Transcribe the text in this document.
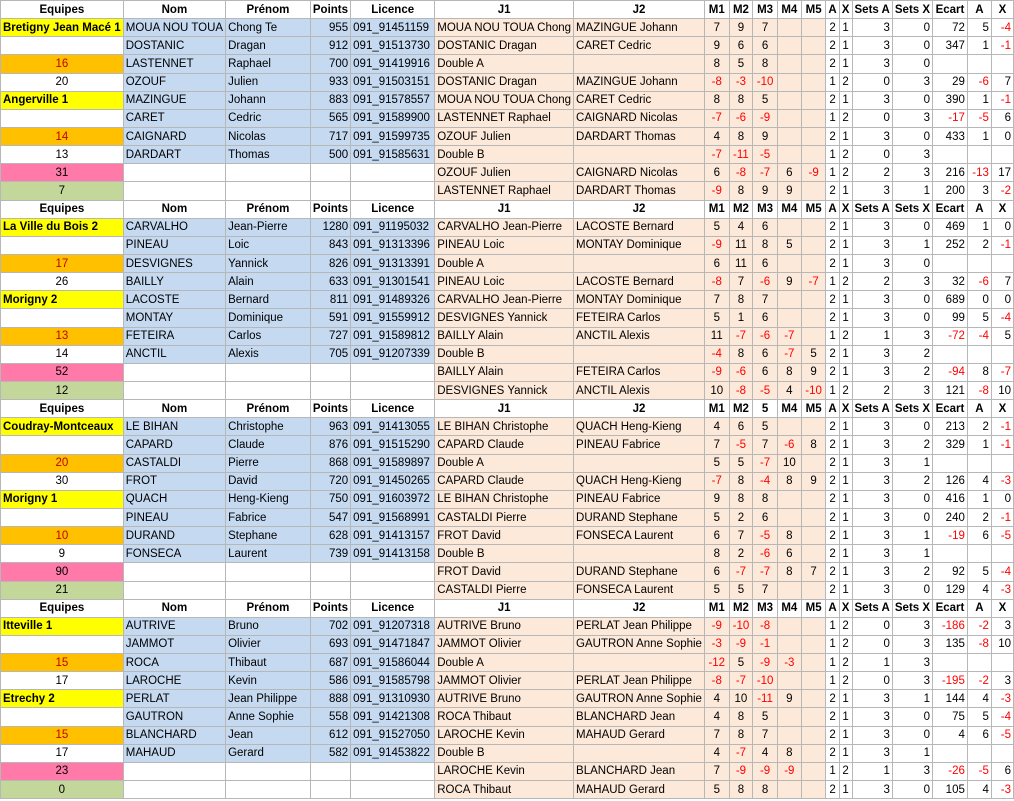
Equipes	Nom	Prénom	Points	Licence	J1	J2	M1	M2	M3	M4	M5	A	X	Sets A	Sets X	Ecart	A	X
Bretigny Jean Macé 1	MOUA NOU TOUA	Chong Te	955	091_91451159	MOUA NOU TOUA Chong	MAZINGUE Johann	7	9	7			2	1	3	0	72	5	-4
	DOSTANIC	Dragan	912	091_91513730	DOSTANIC Dragan	CARET Cedric	9	6	6			2	1	3	0	347	1	-1
16	LASTENNET	Raphael	700	091_91419916	Double A		8	5	8			2	1	3	0			
20	OZOUF	Julien	933	091_91503151	DOSTANIC Dragan	MAZINGUE Johann	-8	-3	-10			1	2	0	3	29	-6	7
Angerville 1	MAZINGUE	Johann	883	091_91578557	MOUA NOU TOUA Chong	CARET Cedric	8	8	5			2	1	3	0	390	1	-1
	CARET	Cedric	565	091_91589900	LASTENNET Raphael	CAIGNARD Nicolas	-7	-6	-9			1	2	0	3	-17	-5	6
14	CAIGNARD	Nicolas	717	091_91599735	OZOUF Julien	DARDART Thomas	4	8	9			2	1	3	0	433	1	0
13	DARDART	Thomas	500	091_91585631	Double B		-7	-11	-5			1	2	0	3			
31					OZOUF Julien	CAIGNARD Nicolas	6	-8	-7	6	-9	1	2	2	3	216	-13	17
7					LASTENNET Raphael	DARDART Thomas	-9	8	9	9		2	1	3	1	200	3	-2
Equipes	Nom	Prénom	Points	Licence	J1	J2	M1	M2	M3	M4	M5	A	X	Sets A	Sets X	Ecart	A	X
La Ville du Bois 2	CARVALHO	Jean-Pierre	1280	091_91195032	CARVALHO Jean-Pierre	LACOSTE Bernard	5	4	6			2	1	3	0	469	1	0
	PINEAU	Loic	843	091_91313396	PINEAU Loic	MONTAY Dominique	-9	11	8	5		2	1	3	1	252	2	-1
17	DESVIGNES	Yannick	826	091_91313391	Double A		6	11	6			2	1	3	0			
26	BAILLY	Alain	633	091_91301541	PINEAU Loic	LACOSTE Bernard	-8	7	-6	9	-7	1	2	2	3	32	-6	7
Morigny 2	LACOSTE	Bernard	811	091_91489326	CARVALHO Jean-Pierre	MONTAY Dominique	7	8	7			2	1	3	0	689	0	0
	MONTAY	Dominique	591	091_91559912	DESVIGNES Yannick	FETEIRA Carlos	5	1	6			2	1	3	0	99	5	-4
13	FETEIRA	Carlos	727	091_91589812	BAILLY Alain	ANCTIL Alexis	11	-7	-6	-7		1	2	1	3	-72	-4	5
14	ANCTIL	Alexis	705	091_91207339	Double B		-4	8	6	-7	5	2	1	3	2			
52					BAILLY Alain	FETEIRA Carlos	-9	-6	6	8	9	2	1	3	2	-94	8	-7
12					DESVIGNES Yannick	ANCTIL Alexis	10	-8	-5	4	-10	1	2	2	3	121	-8	10
Equipes	Nom	Prénom	Points	Licence	J1	J2	M1	M2	5	M4	M5	A	X	Sets A	Sets X	Ecart	A	X
Coudray-Montceaux	LE BIHAN	Christophe	963	091_91413055	LE BIHAN Christophe	QUACH Heng-Kieng	4	6	5			2	1	3	0	213	2	-1
	CAPARD	Claude	876	091_91515290	CAPARD Claude	PINEAU Fabrice	7	-5	7	-6	8	2	1	3	2	329	1	-1
20	CASTALDI	Pierre	868	091_91589897	Double A		5	5	-7	10		2	1	3	1			
30	FROT	David	720	091_91450265	CAPARD Claude	QUACH Heng-Kieng	-7	8	-4	8	9	2	1	3	2	126	4	-3
Morigny 1	QUACH	Heng-Kieng	750	091_91603972	LE BIHAN Christophe	PINEAU Fabrice	9	8	8			2	1	3	0	416	1	0
	PINEAU	Fabrice	547	091_91568991	CASTALDI Pierre	DURAND Stephane	5	2	6			2	1	3	0	240	2	-1
10	DURAND	Stephane	628	091_91413157	FROT David	FONSECA Laurent	6	7	-5	8		2	1	3	1	-19	6	-5
9	FONSECA	Laurent	739	091_91413158	Double B		8	2	-6	6		2	1	3	1			
90					FROT David	DURAND Stephane	6	-7	-7	8	7	2	1	3	2	92	5	-4
21					CASTALDI Pierre	FONSECA Laurent	5	5	7			2	1	3	0	129	4	-3
Equipes	Nom	Prénom	Points	Licence	J1	J2	M1	M2	M3	M4	M5	A	X	Sets A	Sets X	Ecart	A	X
Itteville 1	AUTRIVE	Bruno	702	091_91207318	AUTRIVE Bruno	PERLAT Jean Philippe	-9	-10	-8			1	2	0	3	-186	-2	3
	JAMMOT	Olivier	693	091_91471847	JAMMOT Olivier	GAUTRON Anne Sophie	-3	-9	-1			1	2	0	3	135	-8	10
15	ROCA	Thibaut	687	091_91586044	Double A		-12	5	-9	-3		1	2	1	3			
17	LAROCHE	Kevin	586	091_91585798	JAMMOT Olivier	PERLAT Jean Philippe	-8	-7	-10			1	2	0	3	-195	-2	3
Etrechy 2	PERLAT	Jean Philippe	888	091_91310930	AUTRIVE Bruno	GAUTRON Anne Sophie	4	10	-11	9		2	1	3	1	144	4	-3
	GAUTRON	Anne Sophie	558	091_91421308	ROCA Thibaut	BLANCHARD Jean	4	8	5			2	1	3	0	75	5	-4
15	BLANCHARD	Jean	612	091_91527050	LAROCHE Kevin	MAHAUD Gerard	7	8	7			2	1	3	0	4	6	-5
17	MAHAUD	Gerard	582	091_91453822	Double B		4	-7	4	8		2	1	3	1			
23					LAROCHE Kevin	BLANCHARD Jean	7	-9	-9	-9		1	2	1	3	-26	-5	6
0					ROCA Thibaut	MAHAUD Gerard	5	8	8			2	1	3	0	105	4	-3
